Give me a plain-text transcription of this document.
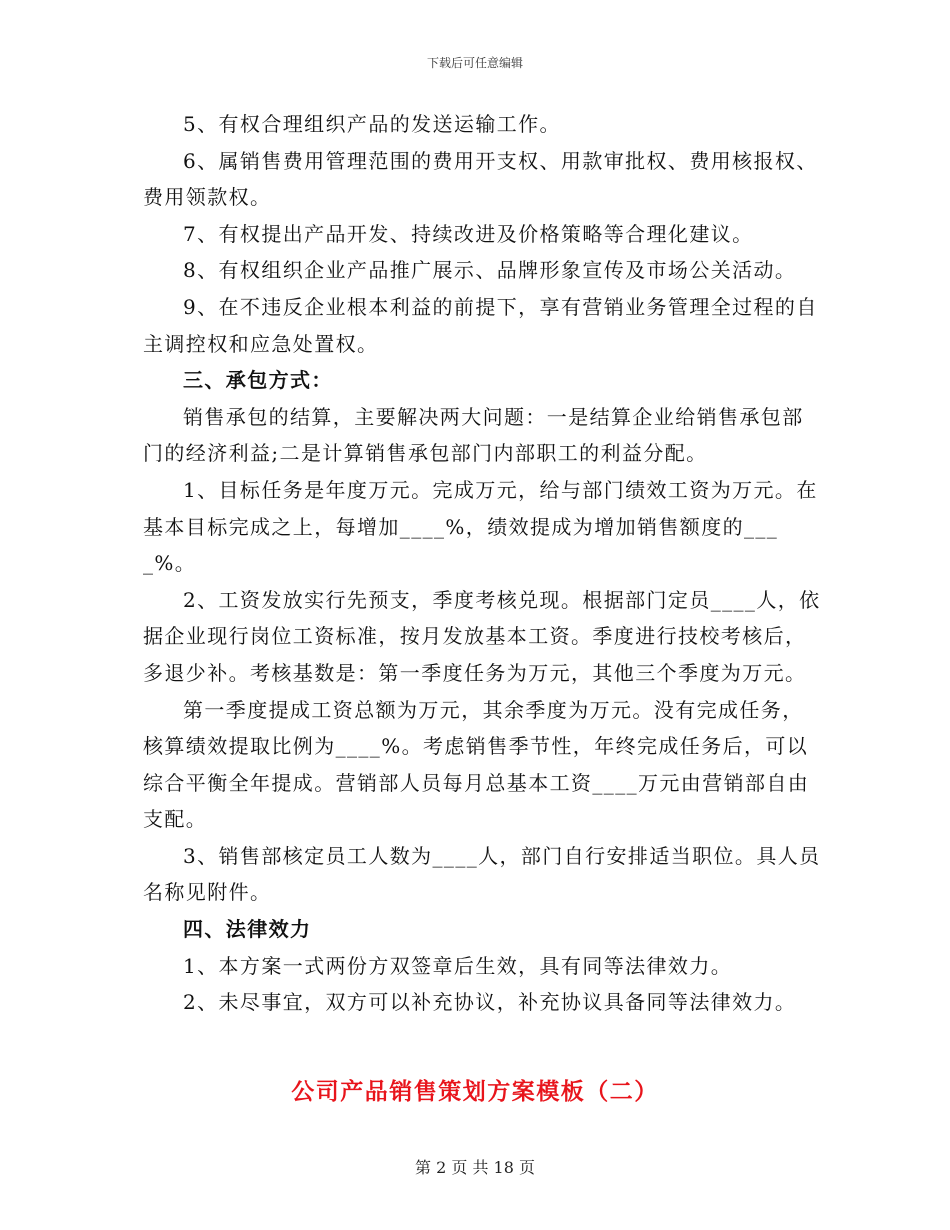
下载后可任意编辑

5、有权合理组织产品的发送运输工作。

6、属销售费用管理范围的费用开支权、用款审批权、费用核报权、费用领款权。

7、有权提出产品开发、持续改进及价格策略等合理化建议。

8、有权组织企业产品推广展示、品牌形象宣传及市场公关活动。

9、在不违反企业根本利益的前提下，享有营销业务管理全过程的自主调控权和应急处置权。

三、承包方式：

销售承包的结算，主要解决两大问题：一是结算企业给销售承包部门的经济利益;二是计算销售承包部门内部职工的利益分配。

1、目标任务是年度万元。完成万元，给与部门绩效工资为万元。在基本目标完成之上，每增加____%，绩效提成为增加销售额度的____%。

2、工资发放实行先预支，季度考核兑现。根据部门定员____人，依据企业现行岗位工资标准，按月发放基本工资。季度进行技校考核后，多退少补。考核基数是：第一季度任务为万元，其他三个季度为万元。

第一季度提成工资总额为万元，其余季度为万元。没有完成任务，核算绩效提取比例为____%。考虑销售季节性，年终完成任务后，可以综合平衡全年提成。营销部人员每月总基本工资____万元由营销部自由支配。

3、销售部核定员工人数为____人，部门自行安排适当职位。具人员名称见附件。

四、法律效力

1、本方案一式两份方双签章后生效，具有同等法律效力。

2、未尽事宜，双方可以补充协议，补充协议具备同等法律效力。

公司产品销售策划方案模板（二）
第 2 页 共 18 页
